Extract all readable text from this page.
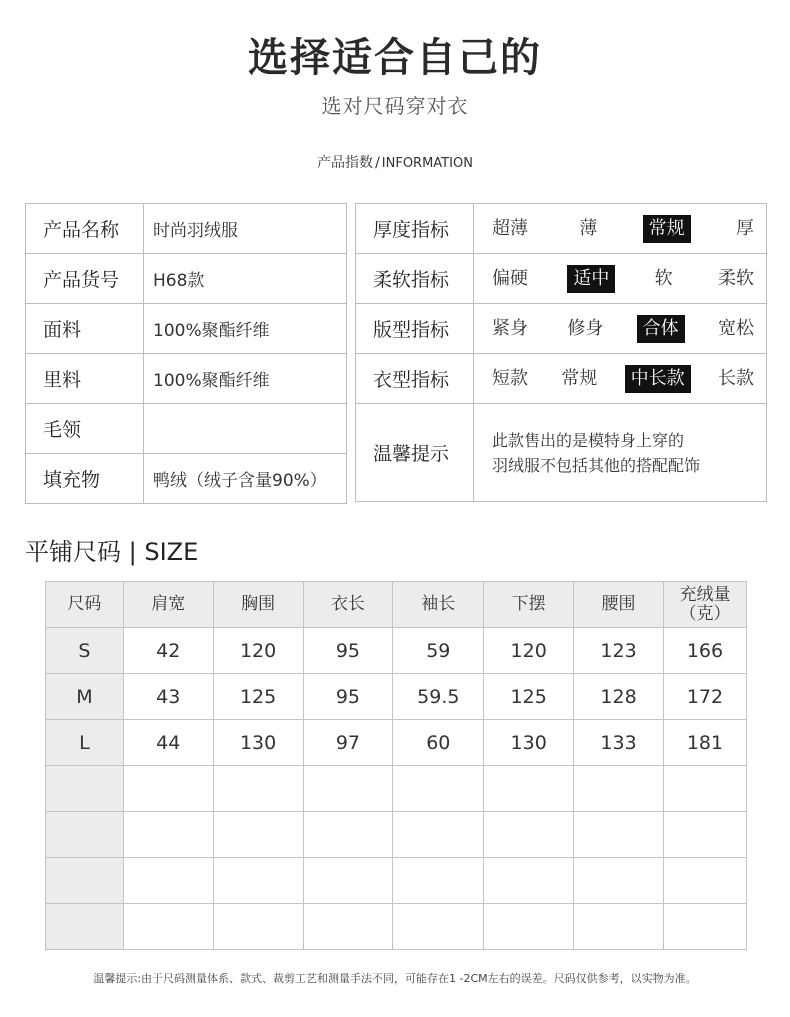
选择适合自己的
选对尺码穿对衣
产品指数 / INFORMATION
产品名称	时尚羽绒服
产品货号	H68款
面料	100%聚酯纤维
里料	100%聚酯纤维
毛领	
填充物	鸭绒（绒子含量90%）
厚度指标	超薄 薄 常规 厚

柔软指标	偏硬 适中 软 柔软

版型指标	紧身 修身 合体 宽松

衣型指标	短款 常规 中长款 长款

温馨提示	此款售出的是模特身上穿的
羽绒服不包括其他的搭配配饰
平铺尺码 | SIZE
尺码	肩宽	胸围	衣长	袖长	下摆	腰围	充绒量（克）
S	42	120	95	59	120	123	166
M	43	125	95	59.5	125	128	172
L	44	130	97	60	130	133	181

温馨提示:由于尺码测量体系、款式、裁剪工艺和测量手法不同，可能存在1 -2CM左右的误差。尺码仅供参考，以实物为准。
